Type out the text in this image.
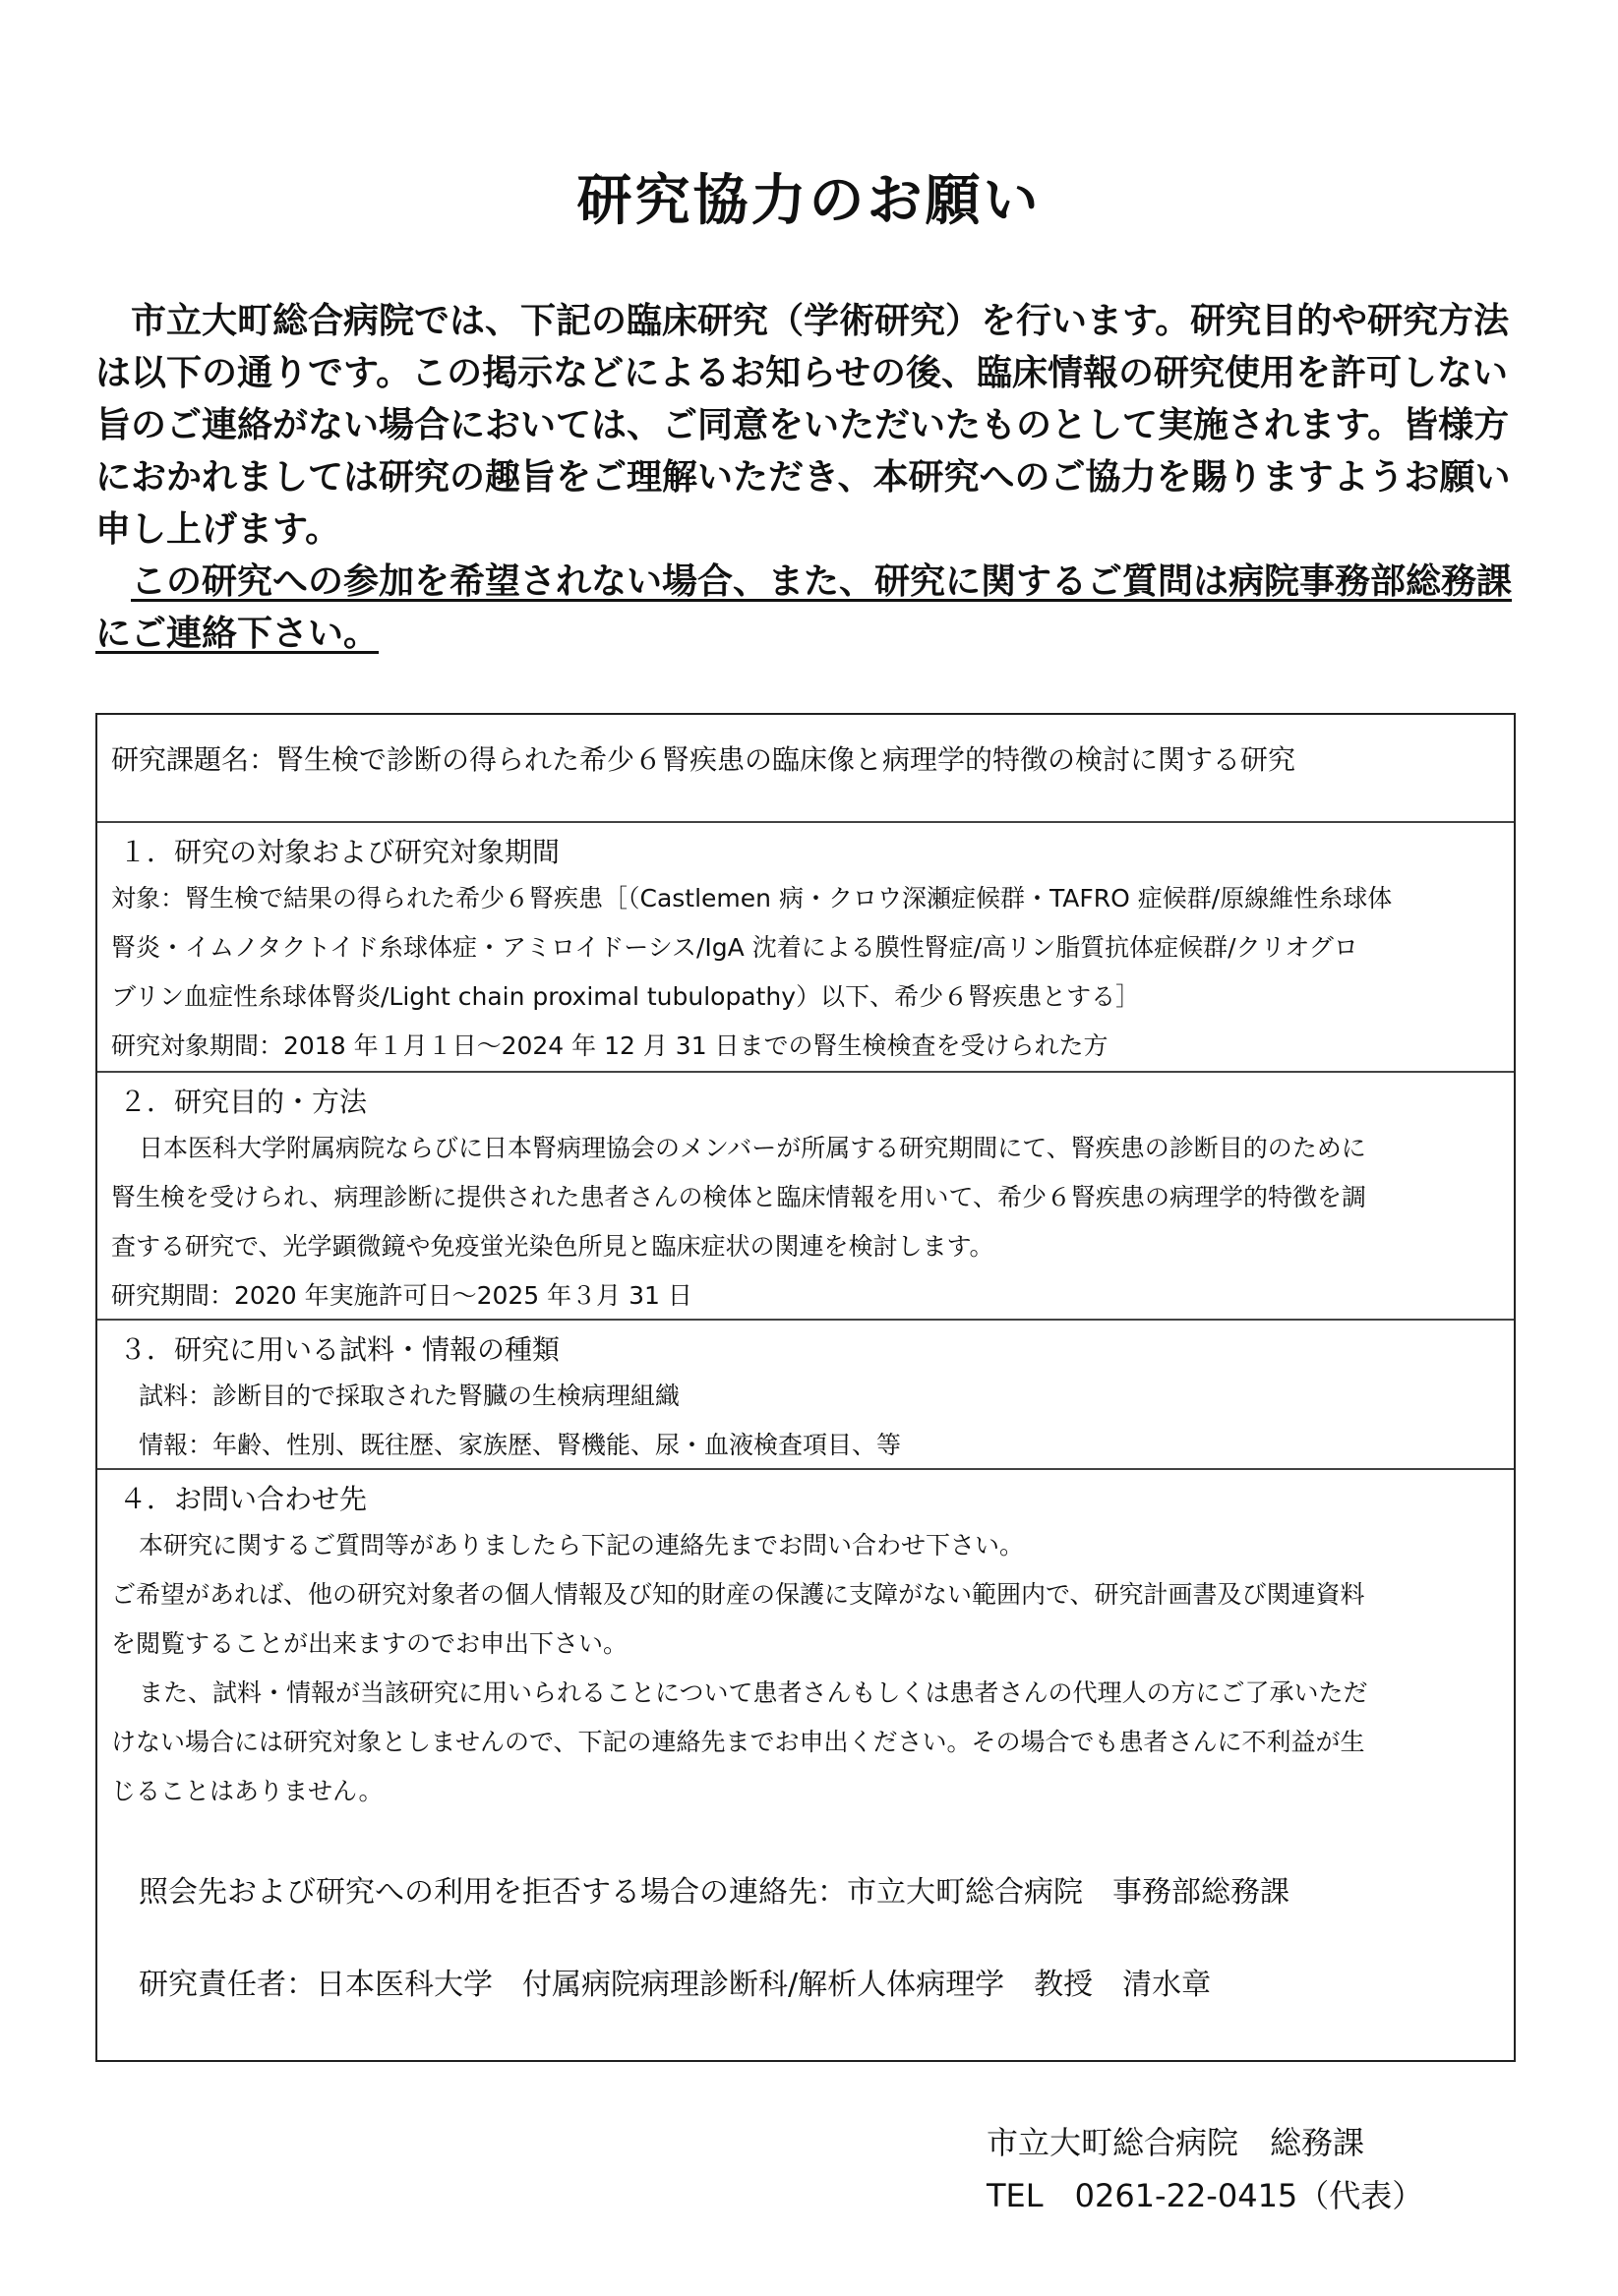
研究協力のお願い

市立大町総合病院では、下記の臨床研究（学術研究）を行います。研究目的や研究方法は以下の通りです。この掲示などによるお知らせの後、臨床情報の研究使用を許可しない旨のご連絡がない場合においては、ご同意をいただいたものとして実施されます。皆様方におかれましては研究の趣旨をご理解いただき、本研究へのご協力を賜りますようお願い申し上げます。

この研究への参加を希望されない場合、また、研究に関するご質問は病院事務部総務課にご連絡下さい。

研究課題名：腎生検で診断の得られた希少６腎疾患の臨床像と病理学的特徴の検討に関する研究
１．研究の対象および研究対象期間
対象：腎生検で結果の得られた希少６腎疾患［（Castlemen 病・クロウ深瀬症候群・TAFRO 症候群/原線維性糸球体
腎炎・イムノタクトイド糸球体症・アミロイドーシス/IgA 沈着による膜性腎症/高リン脂質抗体症候群/クリオグロ
ブリン血症性糸球体腎炎/Light chain proximal tubulopathy）以下、希少６腎疾患とする］
研究対象期間：2018 年１月１日～2024 年 12 月 31 日までの腎生検検査を受けられた方
２．研究目的・方法
日本医科大学附属病院ならびに日本腎病理協会のメンバーが所属する研究期間にて、腎疾患の診断目的のために
腎生検を受けられ、病理診断に提供された患者さんの検体と臨床情報を用いて、希少６腎疾患の病理学的特徴を調
査する研究で、光学顕微鏡や免疫蛍光染色所見と臨床症状の関連を検討します。
研究期間：2020 年実施許可日～2025 年３月 31 日
３．研究に用いる試料・情報の種類
試料：診断目的で採取された腎臓の生検病理組織
情報：年齢、性別、既往歴、家族歴、腎機能、尿・血液検査項目、等
４．お問い合わせ先
本研究に関するご質問等がありましたら下記の連絡先までお問い合わせ下さい。
ご希望があれば、他の研究対象者の個人情報及び知的財産の保護に支障がない範囲内で、研究計画書及び関連資料
を閲覧することが出来ますのでお申出下さい。
また、試料・情報が当該研究に用いられることについて患者さんもしくは患者さんの代理人の方にご了承いただ
けない場合には研究対象としませんので、下記の連絡先までお申出ください。その場合でも患者さんに不利益が生
じることはありません。
照会先および研究への利用を拒否する場合の連絡先：市立大町総合病院　事務部総務課
研究責任者：日本医科大学　付属病院病理診断科/解析人体病理学　教授　清水章
市立大町総合病院　総務課
TEL　0261-22-0415（代表）
